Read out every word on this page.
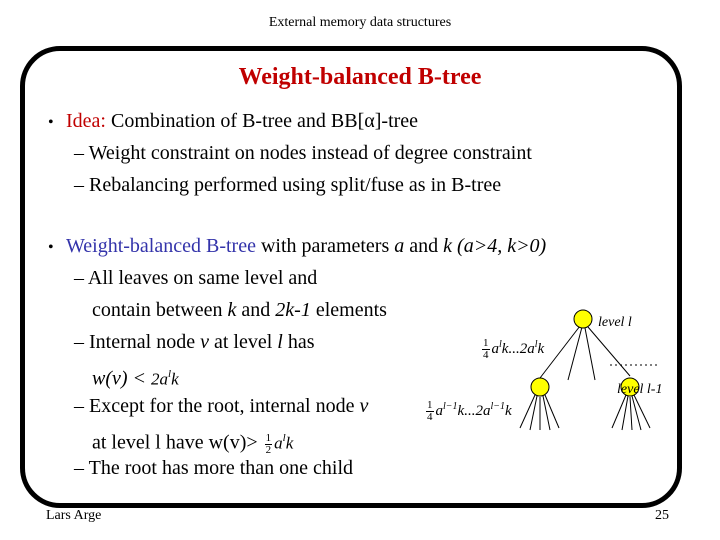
External memory data structures
Weight-balanced B-tree
• Idea: Combination of B-tree and BB[α]-tree
– Weight constraint on nodes instead of degree constraint
– Rebalancing performed using split/fuse as in B-tree
• Weight-balanced B-tree with parameters a and k (a>4, k>0)
– All leaves on same level and
contain between k and 2k-1 elements
– Internal node v at level l has
$w(v) < 2a^lk$
– Except for the root, internal node v
at level l have $w(v)> \frac{1}{2} a^lk$
– The root has more than one child
level l
level l-1
$\frac{1}{4} a^lk...2a^lk$
$\frac{1}{4} a^{l-1}k...2a^{l-1}k$
Lars Arge	25
